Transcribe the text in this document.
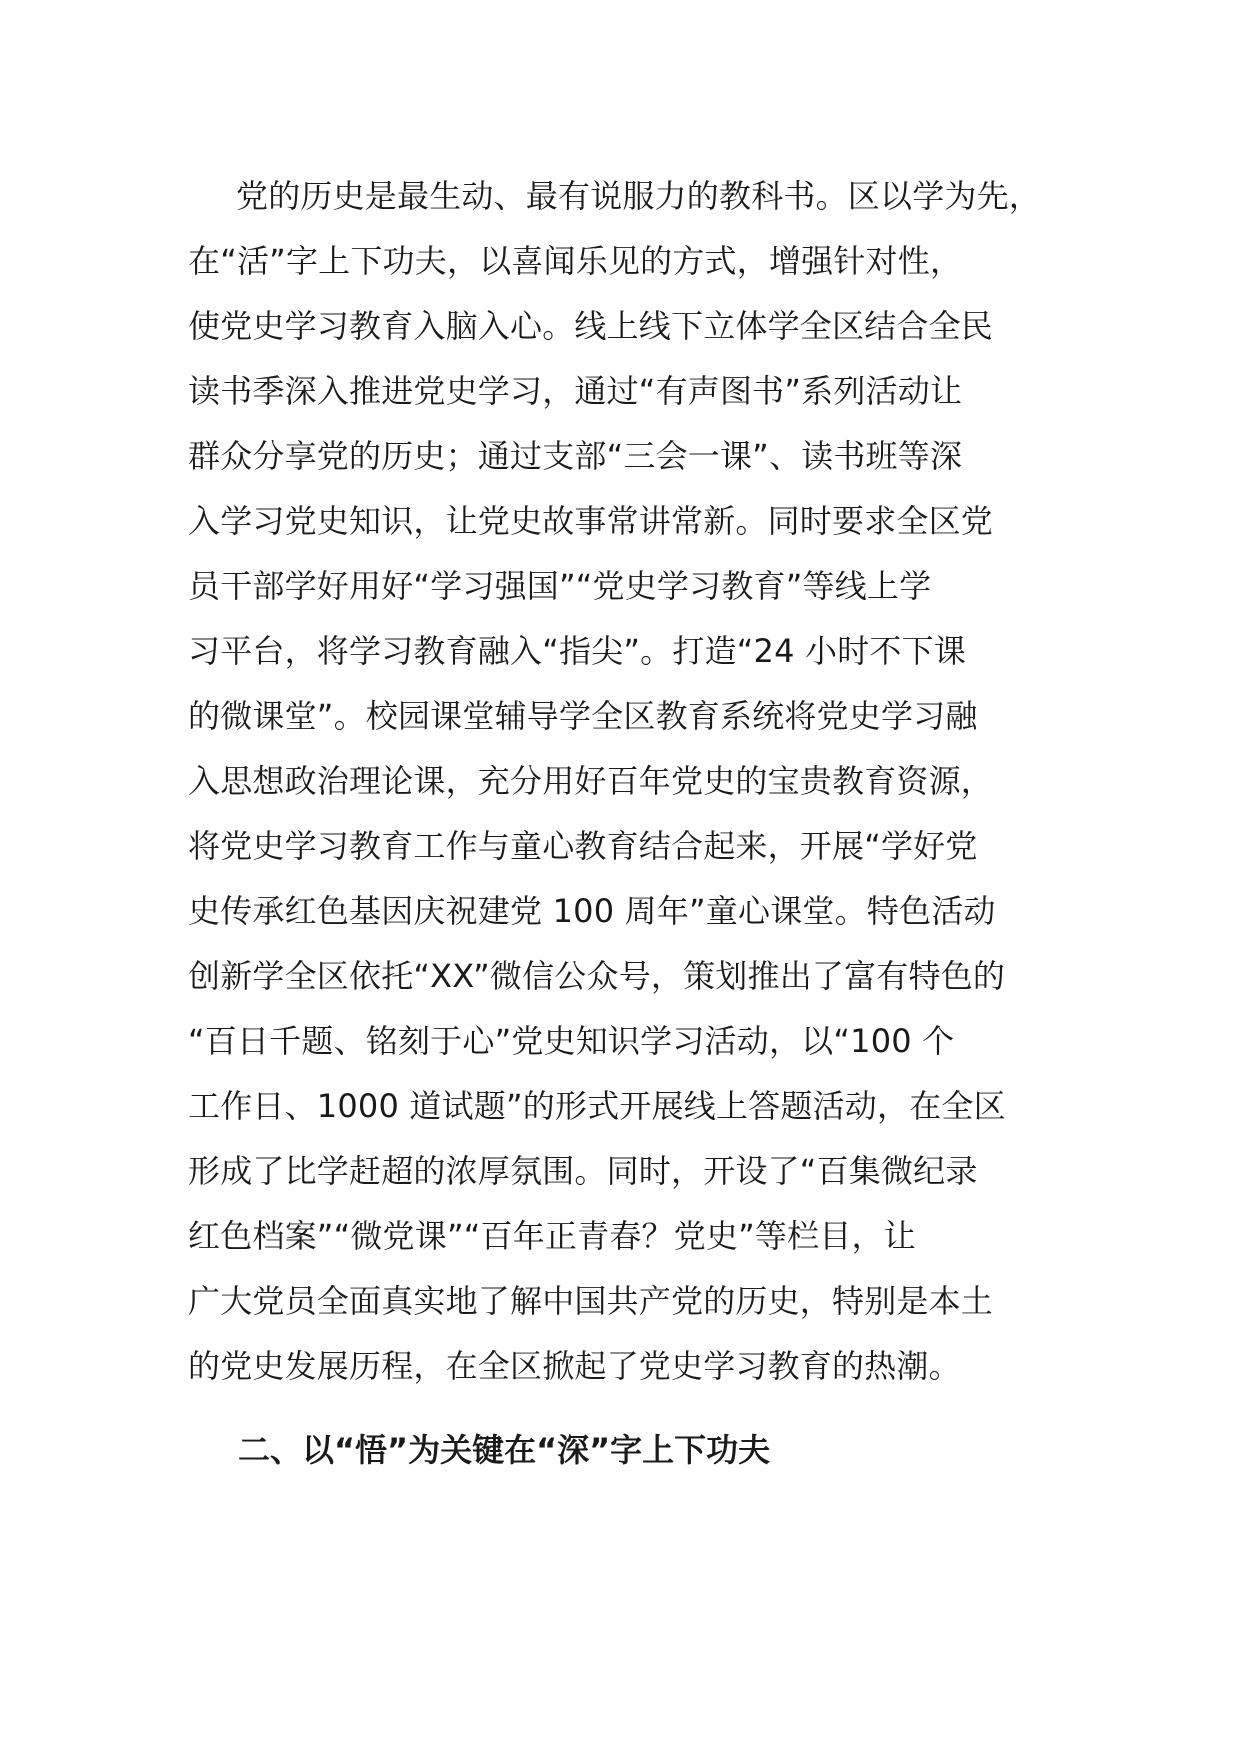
党的历史是最生动、最有说服力的教科书。区以学为先，
在“活”字上下功夫，以喜闻乐见的方式，增强针对性，
使党史学习教育入脑入心。线上线下立体学全区结合全民
读书季深入推进党史学习，通过“有声图书”系列活动让
群众分享党的历史；通过支部“三会一课”、读书班等深
入学习党史知识，让党史故事常讲常新。同时要求全区党
员干部学好用好“学习强国”“党史学习教育”等线上学
习平台，将学习教育融入“指尖”。打造“24 小时不下课
的微课堂”。校园课堂辅导学全区教育系统将党史学习融
入思想政治理论课，充分用好百年党史的宝贵教育资源，
将党史学习教育工作与童心教育结合起来，开展“学好党
史传承红色基因庆祝建党 100 周年”童心课堂。特色活动
创新学全区依托“XX”微信公众号，策划推出了富有特色的
“百日千题、铭刻于心”党史知识学习活动，以“100 个
工作日、1000 道试题”的形式开展线上答题活动，在全区
形成了比学赶超的浓厚氛围。同时，开设了“百集微纪录
红色档案”“微党课”“百年正青春？党史”等栏目，让
广大党员全面真实地了解中国共产党的历史，特别是本土
的党史发展历程，在全区掀起了党史学习教育的热潮。
二、以“悟”为关键在“深”字上下功夫
